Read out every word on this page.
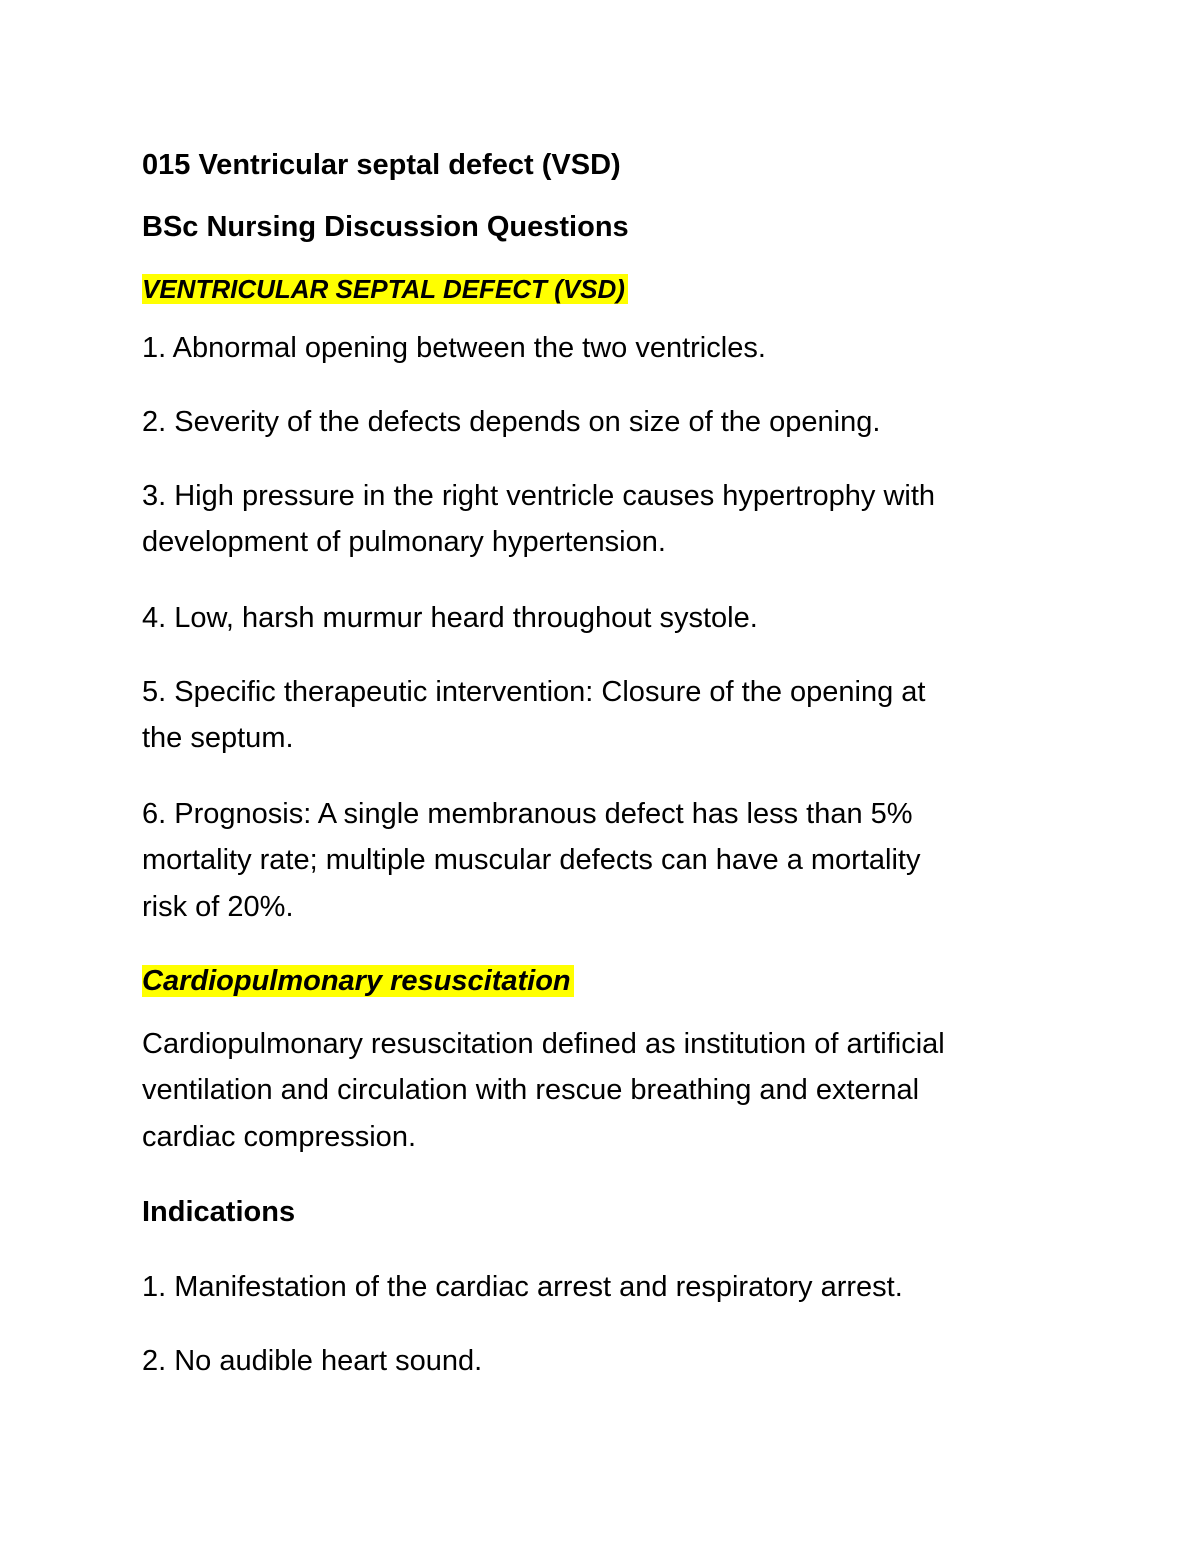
015 Ventricular septal defect (VSD)
BSc Nursing Discussion Questions
VENTRICULAR SEPTAL DEFECT (VSD)
1. Abnormal opening between the two ventricles.
2. Severity of the defects depends on size of the opening.
3. High pressure in the right ventricle causes hypertrophy with
development of pulmonary hypertension.
4. Low, harsh murmur heard throughout systole.
5. Specific therapeutic intervention: Closure of the opening at
the septum.
6. Prognosis: A single membranous defect has less than 5%
mortality rate; multiple muscular defects can have a mortality
risk of 20%.
Cardiopulmonary resuscitation
Cardiopulmonary resuscitation defined as institution of artificial
ventilation and circulation with rescue breathing and external
cardiac compression.
Indications
1. Manifestation of the cardiac arrest and respiratory arrest.
2. No audible heart sound.
